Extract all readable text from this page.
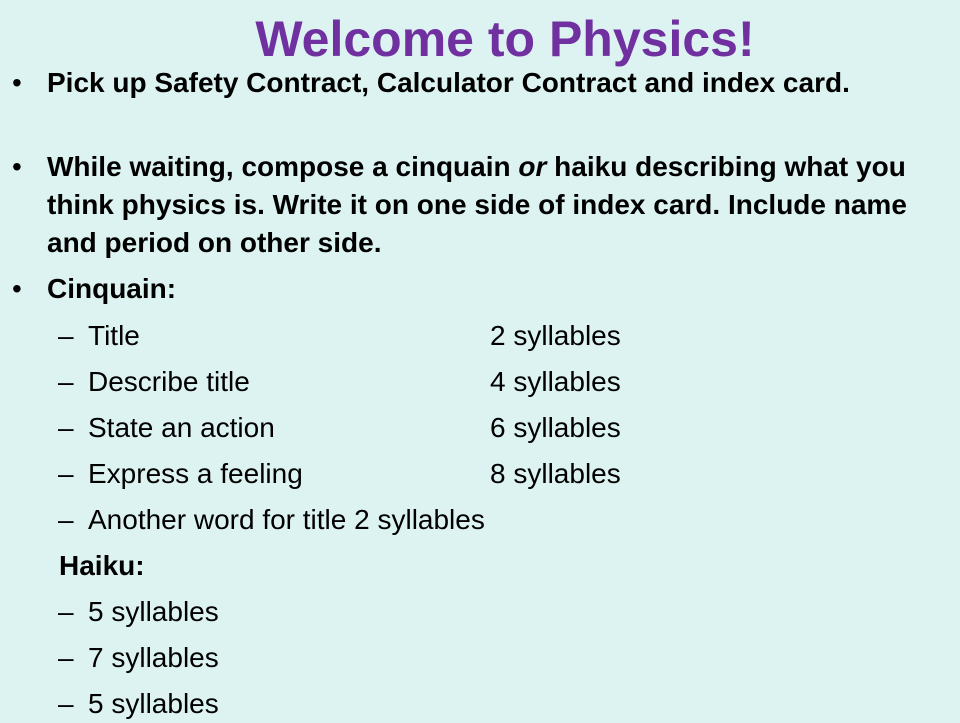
Welcome to Physics!
• Pick up Safety Contract, Calculator Contract and index card.
• While waiting, compose a cinquain or haiku describing what you think physics is. Write it on one side of index card. Include name and period on other side.
• Cinquain:
– Title	2 syllables
– Describe title	4 syllables
– State an action	6 syllables
– Express a feeling	8 syllables
– Another word for title 2 syllables
Haiku:
– 5 syllables
– 7 syllables
– 5 syllables
